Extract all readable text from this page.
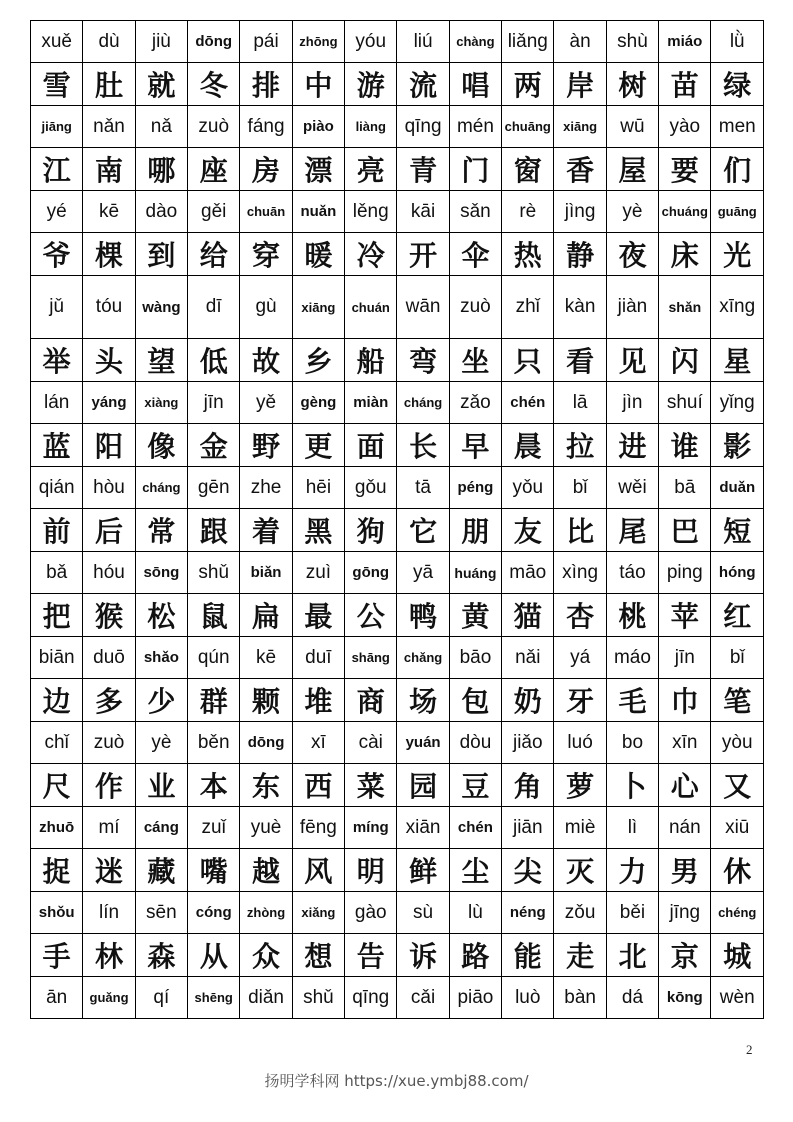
xuě	dù	jiù	dōng	pái	zhōng	yóu	liú	chàng	liǎng	àn	shù	miáo	lǜ
雪	肚	就	冬	排	中	游	流	唱	两	岸	树	苗	绿
jiāng	nǎn	nǎ	zuò	fáng	piào	liàng	qīng	mén	chuāng	xiāng	wū	yào	men
江	南	哪	座	房	漂	亮	青	门	窗	香	屋	要	们
yé	kē	dào	gěi	chuān	nuǎn	lěng	kāi	sǎn	rè	jìng	yè	chuáng	guāng
爷	棵	到	给	穿	暖	冷	开	伞	热	静	夜	床	光
jǔ	tóu	wàng	dī	gù	xiāng	chuán	wān	zuò	zhǐ	kàn	jiàn	shǎn	xīng
举	头	望	低	故	乡	船	弯	坐	只	看	见	闪	星
lán	yáng	xiàng	jīn	yě	gèng	miàn	cháng	zǎo	chén	lā	jìn	shuí	yǐng
蓝	阳	像	金	野	更	面	长	早	晨	拉	进	谁	影
qián	hòu	cháng	gēn	zhe	hēi	gǒu	tā	péng	yǒu	bǐ	wěi	bā	duǎn
前	后	常	跟	着	黑	狗	它	朋	友	比	尾	巴	短
bǎ	hóu	sōng	shǔ	biǎn	zuì	gōng	yā	huáng	māo	xìng	táo	ping	hóng
把	猴	松	鼠	扁	最	公	鸭	黄	猫	杏	桃	苹	红
biān	duō	shǎo	qún	kē	duī	shāng	chǎng	bāo	nǎi	yá	máo	jīn	bǐ
边	多	少	群	颗	堆	商	场	包	奶	牙	毛	巾	笔
chǐ	zuò	yè	běn	dōng	xī	cài	yuán	dòu	jiǎo	luó	bo	xīn	yòu
尺	作	业	本	东	西	菜	园	豆	角	萝	卜	心	又
zhuō	mí	cáng	zuǐ	yuè	fēng	míng	xiān	chén	jiān	miè	lì	nán	xiū
捉	迷	藏	嘴	越	风	明	鲜	尘	尖	灭	力	男	休
shǒu	lín	sēn	cóng	zhòng	xiǎng	gào	sù	lù	néng	zǒu	běi	jīng	chéng
手	林	森	从	众	想	告	诉	路	能	走	北	京	城
ān	guǎng	qí	shēng	diǎn	shǔ	qīng	cǎi	piāo	luò	bàn	dá	kōng	wèn
2
扬明学科网 https://xue.ymbj88.com/
